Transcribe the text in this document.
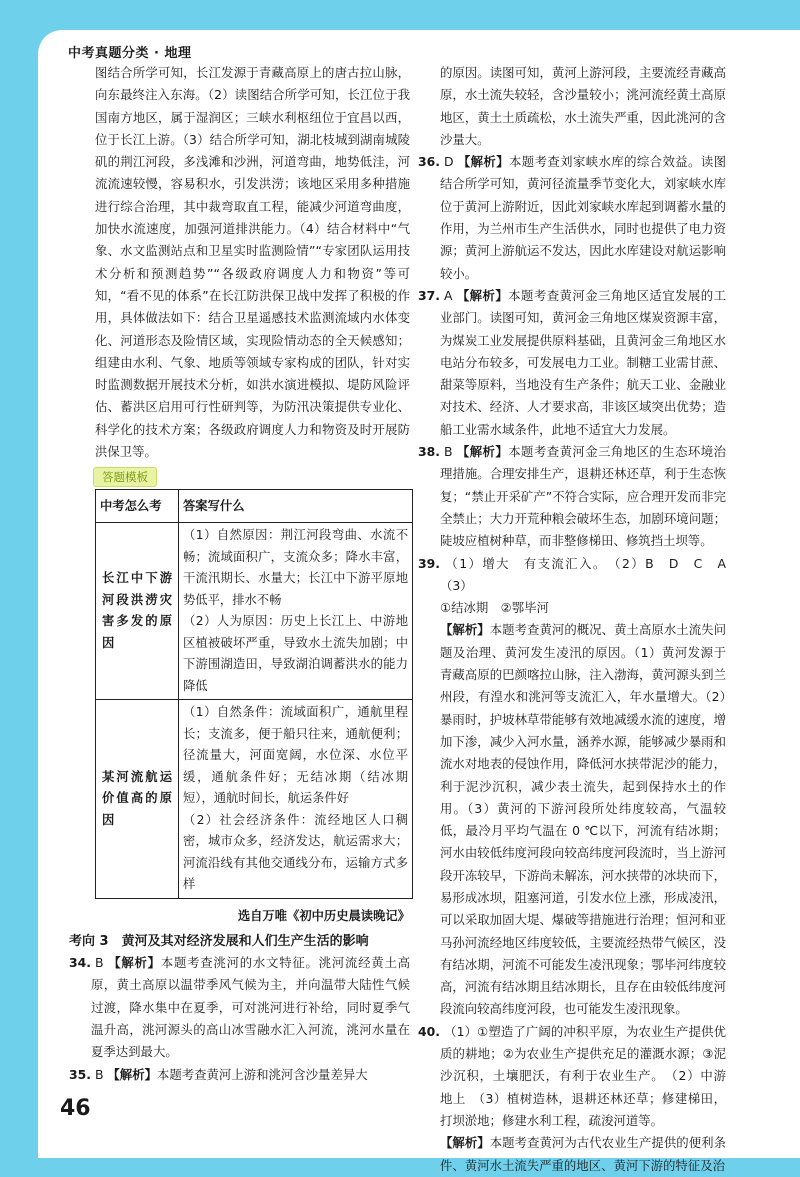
中考真题分类 · 地理

图结合所学可知，长江发源于青藏高原上的唐古拉山脉，向东最终注入东海。（2）读图结合所学可知，长江位于我国南方地区，属于湿润区；三峡水利枢纽位于宜昌以西，位于长江上游。（3）结合所学可知，湖北枝城到湖南城陵矶的荆江河段，多浅滩和沙洲，河道弯曲，地势低洼，河流流速较慢，容易积水，引发洪涝；该地区采用多种措施进行综合治理，其中裁弯取直工程，能减少河道弯曲度，加快水流速度，加强河道排洪能力。（4）结合材料中“气象、水文监测站点和卫星实时监测险情”“专家团队运用技术分析和预测趋势”“各级政府调度人力和物资”等可知，“看不见的体系”在长江防洪保卫战中发挥了积极的作用，具体做法如下：结合卫星遥感技术监测流域内水体变化、河道形态及险情区域，实现险情动态的全天候感知；组建由水利、气象、地质等领域专家构成的团队，针对实时监测数据开展技术分析，如洪水演进模拟、堤防风险评估、蓄洪区启用可行性研判等，为防汛决策提供专业化、科学化的技术方案；各级政府调度人力和物资及时开展防洪保卫等。

答题模板
中考怎么考	答案写什么
长江中下游河段洪涝灾害多发的原因	（1）自然原因：荆江河段弯曲、水流不畅；流域面积广，支流众多；降水丰富，干流汛期长、水量大；长江中下游平原地势低平，排水不畅
（2）人为原因：历史上长江上、中游地区植被破坏严重，导致水土流失加剧；中下游围湖造田，导致湖泊调蓄洪水的能力降低

某河流航运价值高的原因	（1）自然条件：流域面积广，通航里程长；支流多，便于船只往来，通航便利；径流量大，河面宽阔，水位深、水位平缓，通航条件好；无结冰期（结冰期短），通航时间长，航运条件好
（2）社会经济条件：流经地区人口稠密，城市众多，经济发达，航运需求大；河流沿线有其他交通线分布，运输方式多样
选自万唯《初中历史晨读晚记》
考向 3　黄河及其对经济发展和人们生产生活的影响

34. B 【解析】本题考查洮河的水文特征。洮河流经黄土高原，黄土高原以温带季风气候为主，并向温带大陆性气候过渡，降水集中在夏季，可对洮河进行补给，同时夏季气温升高，洮河源头的高山冰雪融水汇入河流，洮河水量在夏季达到最大。

35. B 【解析】本题考查黄河上游和洮河含沙量差异大

的原因。读图可知，黄河上游河段，主要流经青藏高原，水土流失较轻，含沙量较小；洮河流经黄土高原地区，黄土土质疏松，水土流失严重，因此洮河的含沙量大。

36. D 【解析】本题考查刘家峡水库的综合效益。读图结合所学可知，黄河径流量季节变化大，刘家峡水库位于黄河上游附近，因此刘家峡水库起到调蓄水量的作用，为兰州市生产生活供水，同时也提供了电力资源；黄河上游航运不发达，因此水库建设对航运影响较小。

37. A 【解析】本题考查黄河金三角地区适宜发展的工业部门。读图可知，黄河金三角地区煤炭资源丰富，为煤炭工业发展提供原料基础，且黄河金三角地区水电站分布较多，可发展电力工业。制糖工业需甘蔗、甜菜等原料，当地没有生产条件；航天工业、金融业对技术、经济、人才要求高，非该区域突出优势；造船工业需水域条件，此地不适宜大力发展。

38. B 【解析】本题考查黄河金三角地区的生态环境治理措施。合理安排生产，退耕还林还草，利于生态恢复；“禁止开采矿产”不符合实际，应合理开发而非完全禁止；大力开荒种粮会破坏生态，加剧环境问题；陡坡应植树种草，而非整修梯田、修筑挡土坝等。

39. （1）增大　有支流汇入。　（2）B　D　C　A　（3）
①结冰期　②鄂毕河

【解析】本题考查黄河的概况、黄土高原水土流失问题及治理、黄河发生凌汛的原因。（1）黄河发源于青藏高原的巴颜喀拉山脉，注入渤海，黄河源头到兰州段，有湟水和洮河等支流汇入，年水量增大。（2）暴雨时，护坡林草带能够有效地减缓水流的速度，增加下渗，减少入河水量，涵养水源，能够减少暴雨和流水对地表的侵蚀作用，降低河水挟带泥沙的能力，利于泥沙沉积，减少表土流失，起到保持水土的作用。（3）黄河的下游河段所处纬度较高，气温较低，最冷月平均气温在 0 ℃以下，河流有结冰期；河水由较低纬度河段向较高纬度河段流时，当上游河段开冻较早，下游尚未解冻，河水挟带的冰块而下，易形成冰坝，阻塞河道，引发水位上涨，形成凌汛，可以采取加固大堤、爆破等措施进行治理；恒河和亚马孙河流经地区纬度较低，主要流经热带气候区，没有结冰期，河流不可能发生凌汛现象；鄂毕河纬度较高，河流有结冰期且结冰期长，且存在由较低纬度河段流向较高纬度河段，也可能发生凌汛现象。

40. （1）①塑造了广阔的冲积平原，为农业生产提供优质的耕地；②为农业生产提供充足的灌溉水源；③泥沙沉积，土壤肥沃，有利于农业生产。　（2）中游　地上　（3）植树造林，退耕还林还草；修建梯田，打坝淤地；修建水利工程，疏浚河道等。

【解析】本题考查黄河为古代农业生产提供的便利条件、黄河水土流失严重的地区、黄河下游的特征及治

46
